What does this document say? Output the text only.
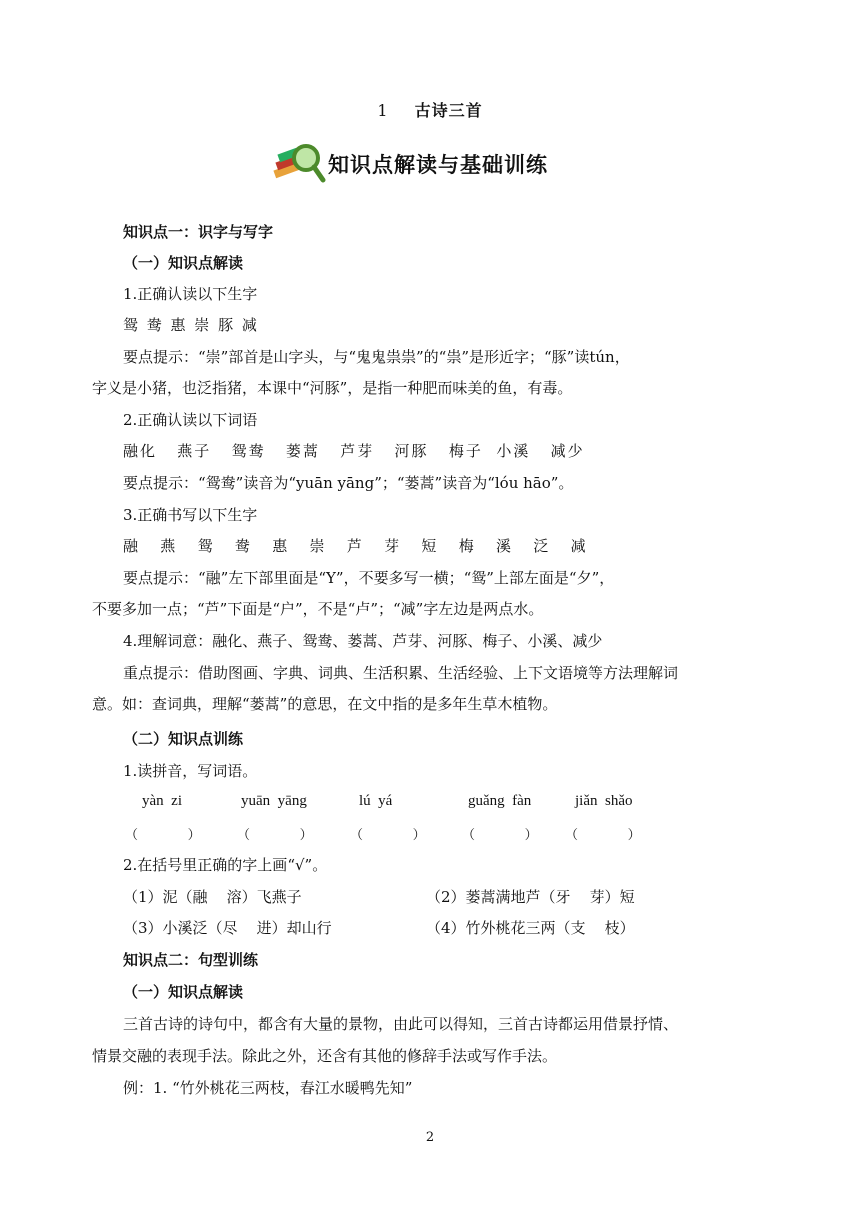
1 古诗三首
知识点解读与基础训练
知识点一：识字与写字
（一）知识点解读
1.正确认读以下生字
鸳 鸯 惠 崇 豚 减
要点提示：“崇”部首是山字头，与“鬼鬼祟祟”的“祟”是形近字；“豚”读tún，
字义是小猪，也泛指猪，本课中“河豚”，是指一种肥而味美的鱼，有毒。
2.正确认读以下词语
融化   燕子   鸳鸯   蒌蒿   芦芽   河豚   梅子  小溪   减少
要点提示：“鸳鸯”读音为“yuān yāng”；“蒌蒿”读音为“lóu hāo”。
3.正确书写以下生字
融   燕   鸳   鸯   惠   崇   芦   芽   短   梅   溪   泛   减
要点提示：“融”左下部里面是“Y”，不要多写一横；“鸳”上部左面是“夕”，
不要多加一点；“芦”下面是“户”，不是“卢”；“减”字左边是两点水。
4.理解词意：融化、燕子、鸳鸯、蒌蒿、芦芽、河豚、梅子、小溪、减少
重点提示：借助图画、字典、词典、生活积累、生活经验、上下文语境等方法理解词
意。如：查词典，理解“蒌蒿”的意思，在文中指的是多年生草木植物。
（二）知识点训练
1.读拼音，写词语。
yàn  zi	yuān  yāng	lú  yá	guǎng  fàn	jiǎn  shǎo
（            ）	（            ）	（            ）	（            ） （            ）
2.在括号里正确的字上画“√”。
（1）泥（融    溶）飞燕子	（2）蒌蒿满地芦（牙    芽）短
（3）小溪泛（尽    进）却山行	（4）竹外桃花三两（支    枝）
知识点二：句型训练
（一）知识点解读
三首古诗的诗句中，都含有大量的景物，由此可以得知，三首古诗都运用借景抒情、
情景交融的表现手法。除此之外，还含有其他的修辞手法或写作手法。
例：1. “竹外桃花三两枝，春江水暖鸭先知”
2
